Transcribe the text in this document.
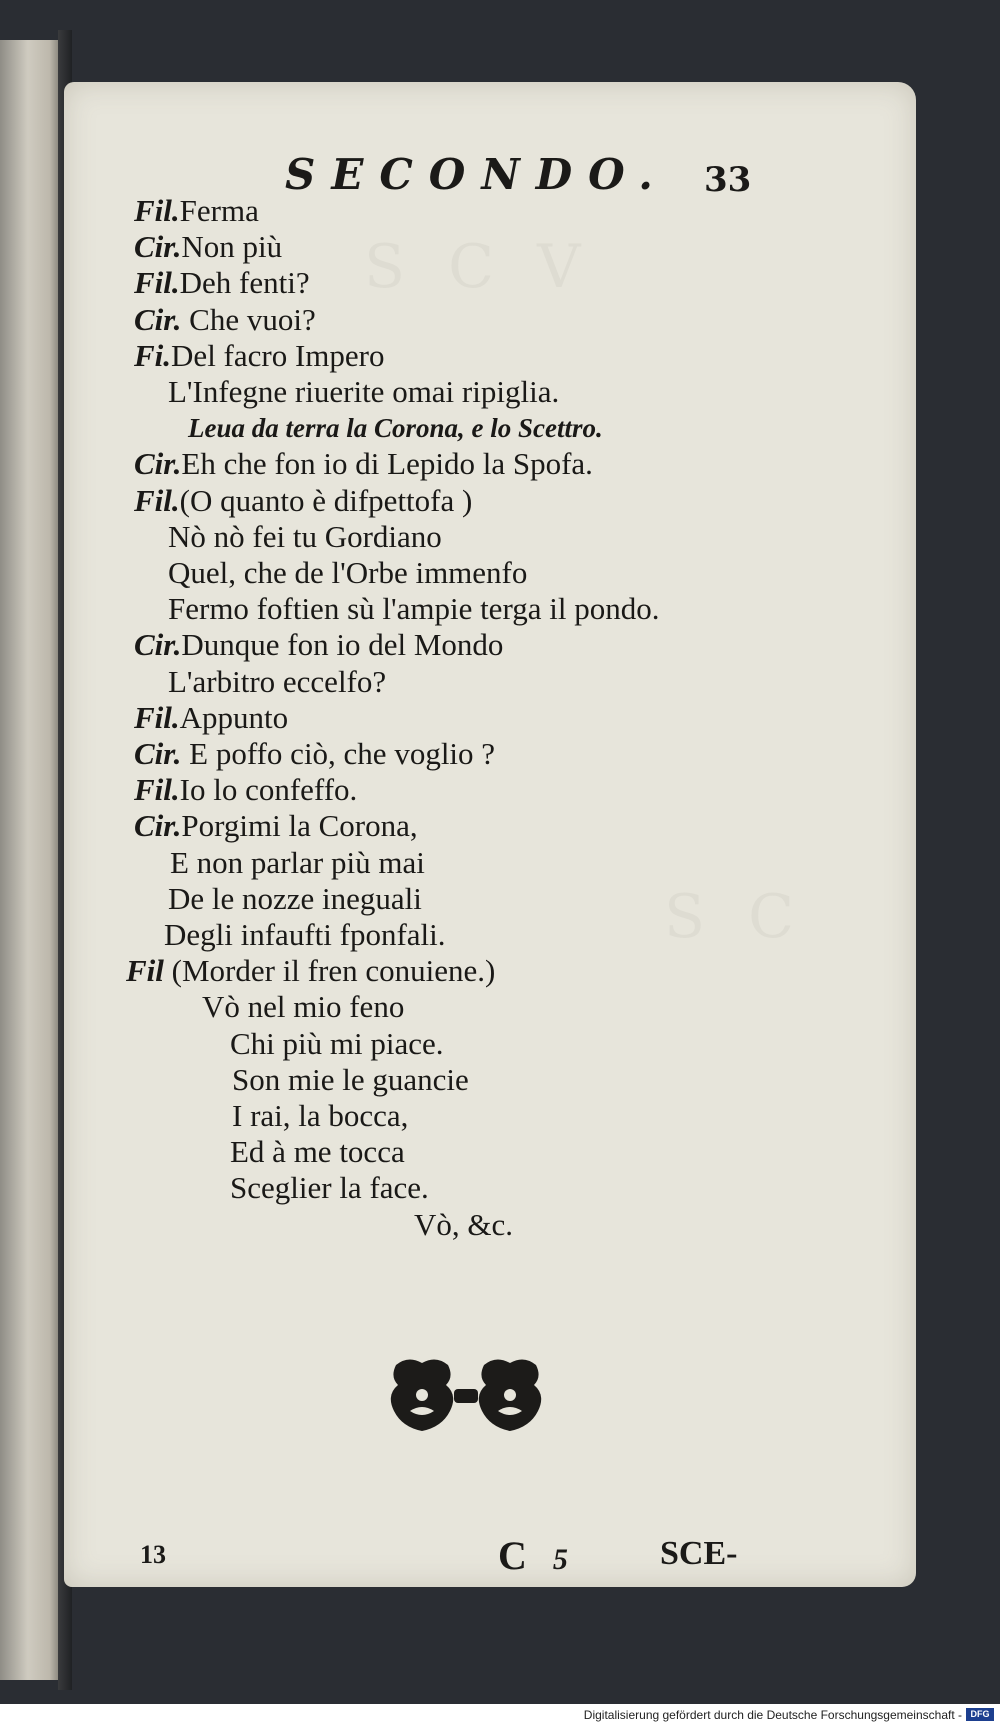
S C V
S C
SECONDO. 33
Fil.Ferma
Cir.Non più
Fil.Deh fenti?
Cir. Che vuoi?
Fi.Del facro Impero
L'Infegne riuerite omai ripiglia.
Leua da terra la Corona, e lo Scettro.
Cir.Eh che fon io di Lepido la Spofa.
Fil.(O quanto è difpettofa )
Nò nò fei tu Gordiano
Quel, che de l'Orbe immenfo
Fermo foftien sù l'ampie terga il pondo.
Cir.Dunque fon io del Mondo
L'arbitro eccelfo?
Fil.Appunto
Cir. E poffo ciò, che voglio ?
Fil.Io lo confeffo.
Cir.Porgimi la Corona,
E non parlar più mai
De le nozze ineguali
Degli infaufti fponfali.
Fil (Morder il fren conuiene.)
Vò nel mio feno
Chi più mi piace.
Son mie le guancie
I rai, la bocca,
Ed à me tocca
Sceglier la face.
Vò, &c.
13	C 5	SCE-
Digitalisierung gefördert durch die Deutsche Forschungsgemeinschaft - DFG
